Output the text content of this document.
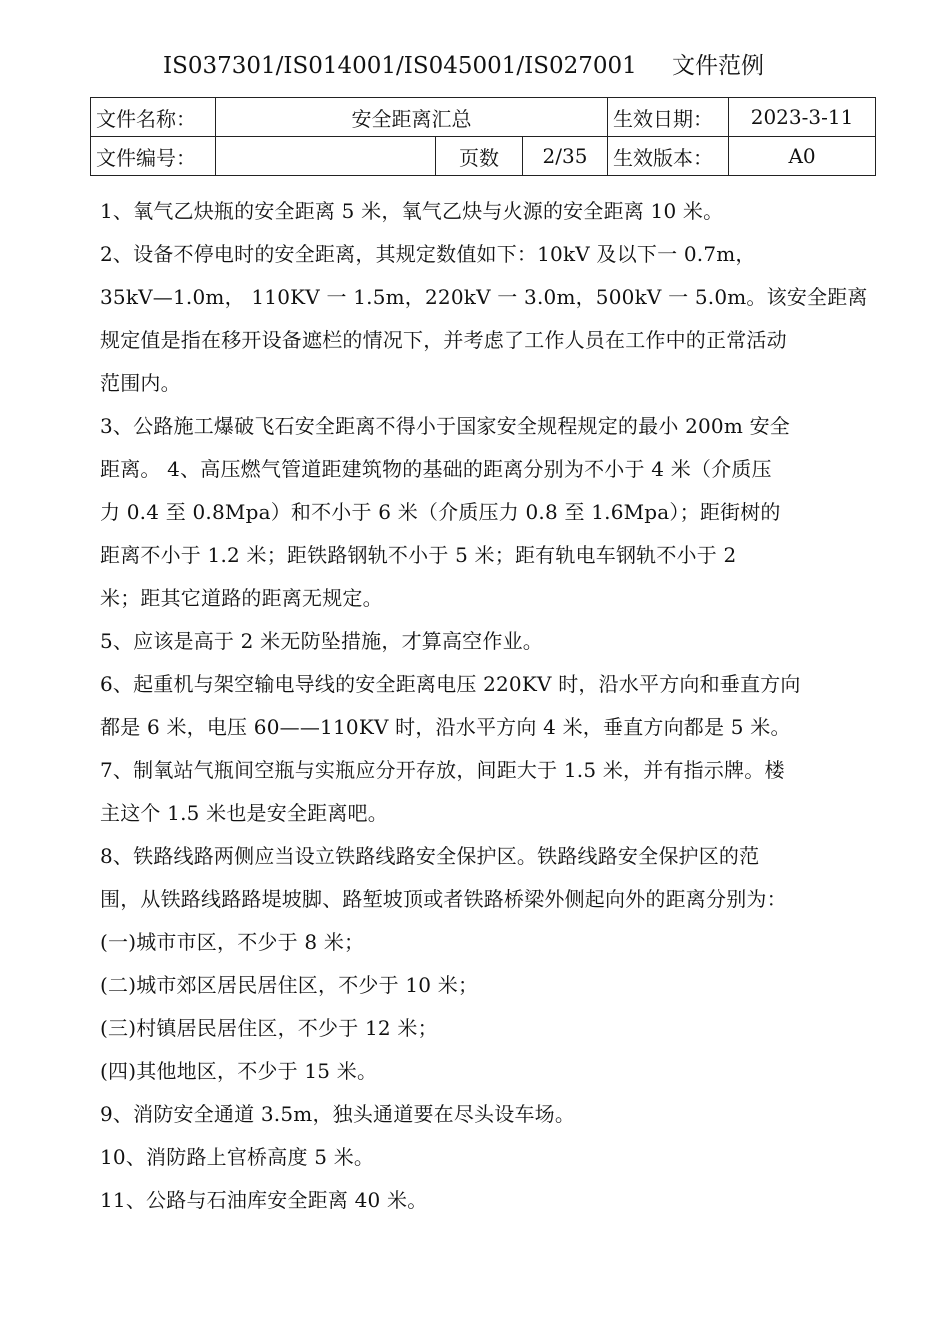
IS037301/IS014001/IS045001/IS027001 文件范例
文件名称：	安全距离汇总			生效日期：	2023-3-11
文件编号：		页数	2/35	生效版本：	A0

1、氧气乙炔瓶的安全距离 5 米，氧气乙炔与火源的安全距离 10 米。

2、设备不停电时的安全距离，其规定数值如下：10kV 及以下一 0.7m，

35kV—1.0m， 110KV 一 1.5m，220kV 一 3.0m，500kV 一 5.0m。该安全距离

规定值是指在移开设备遮栏的情况下，并考虑了工作人员在工作中的正常活动

范围内。

3、公路施工爆破飞石安全距离不得小于国家安全规程规定的最小 200m 安全

距离。 4、高压燃气管道距建筑物的基础的距离分别为不小于 4 米（介质压

力 0.4 至 0.8Mpa）和不小于 6 米（介质压力 0.8 至 1.6Mpa）；距街树的

距离不小于 1.2 米；距铁路钢轨不小于 5 米；距有轨电车钢轨不小于 2

米；距其它道路的距离无规定。

5、应该是高于 2 米无防坠措施，才算高空作业。

6、起重机与架空输电导线的安全距离电压 220KV 时，沿水平方向和垂直方向

都是 6 米，电压 60——110KV 时，沿水平方向 4 米，垂直方向都是 5 米。

7、制氧站气瓶间空瓶与实瓶应分开存放，间距大于 1.5 米，并有指示牌。楼

主这个 1.5 米也是安全距离吧。

8、铁路线路两侧应当设立铁路线路安全保护区。铁路线路安全保护区的范

围，从铁路线路路堤坡脚、路堑坡顶或者铁路桥梁外侧起向外的距离分别为：

(一)城市市区，不少于 8 米；

(二)城市郊区居民居住区，不少于 10 米；

(三)村镇居民居住区，不少于 12 米；

(四)其他地区，不少于 15 米。

9、消防安全通道 3.5m，独头通道要在尽头设车场。

10、消防路上官桥高度 5 米。

11、公路与石油库安全距离 40 米。
